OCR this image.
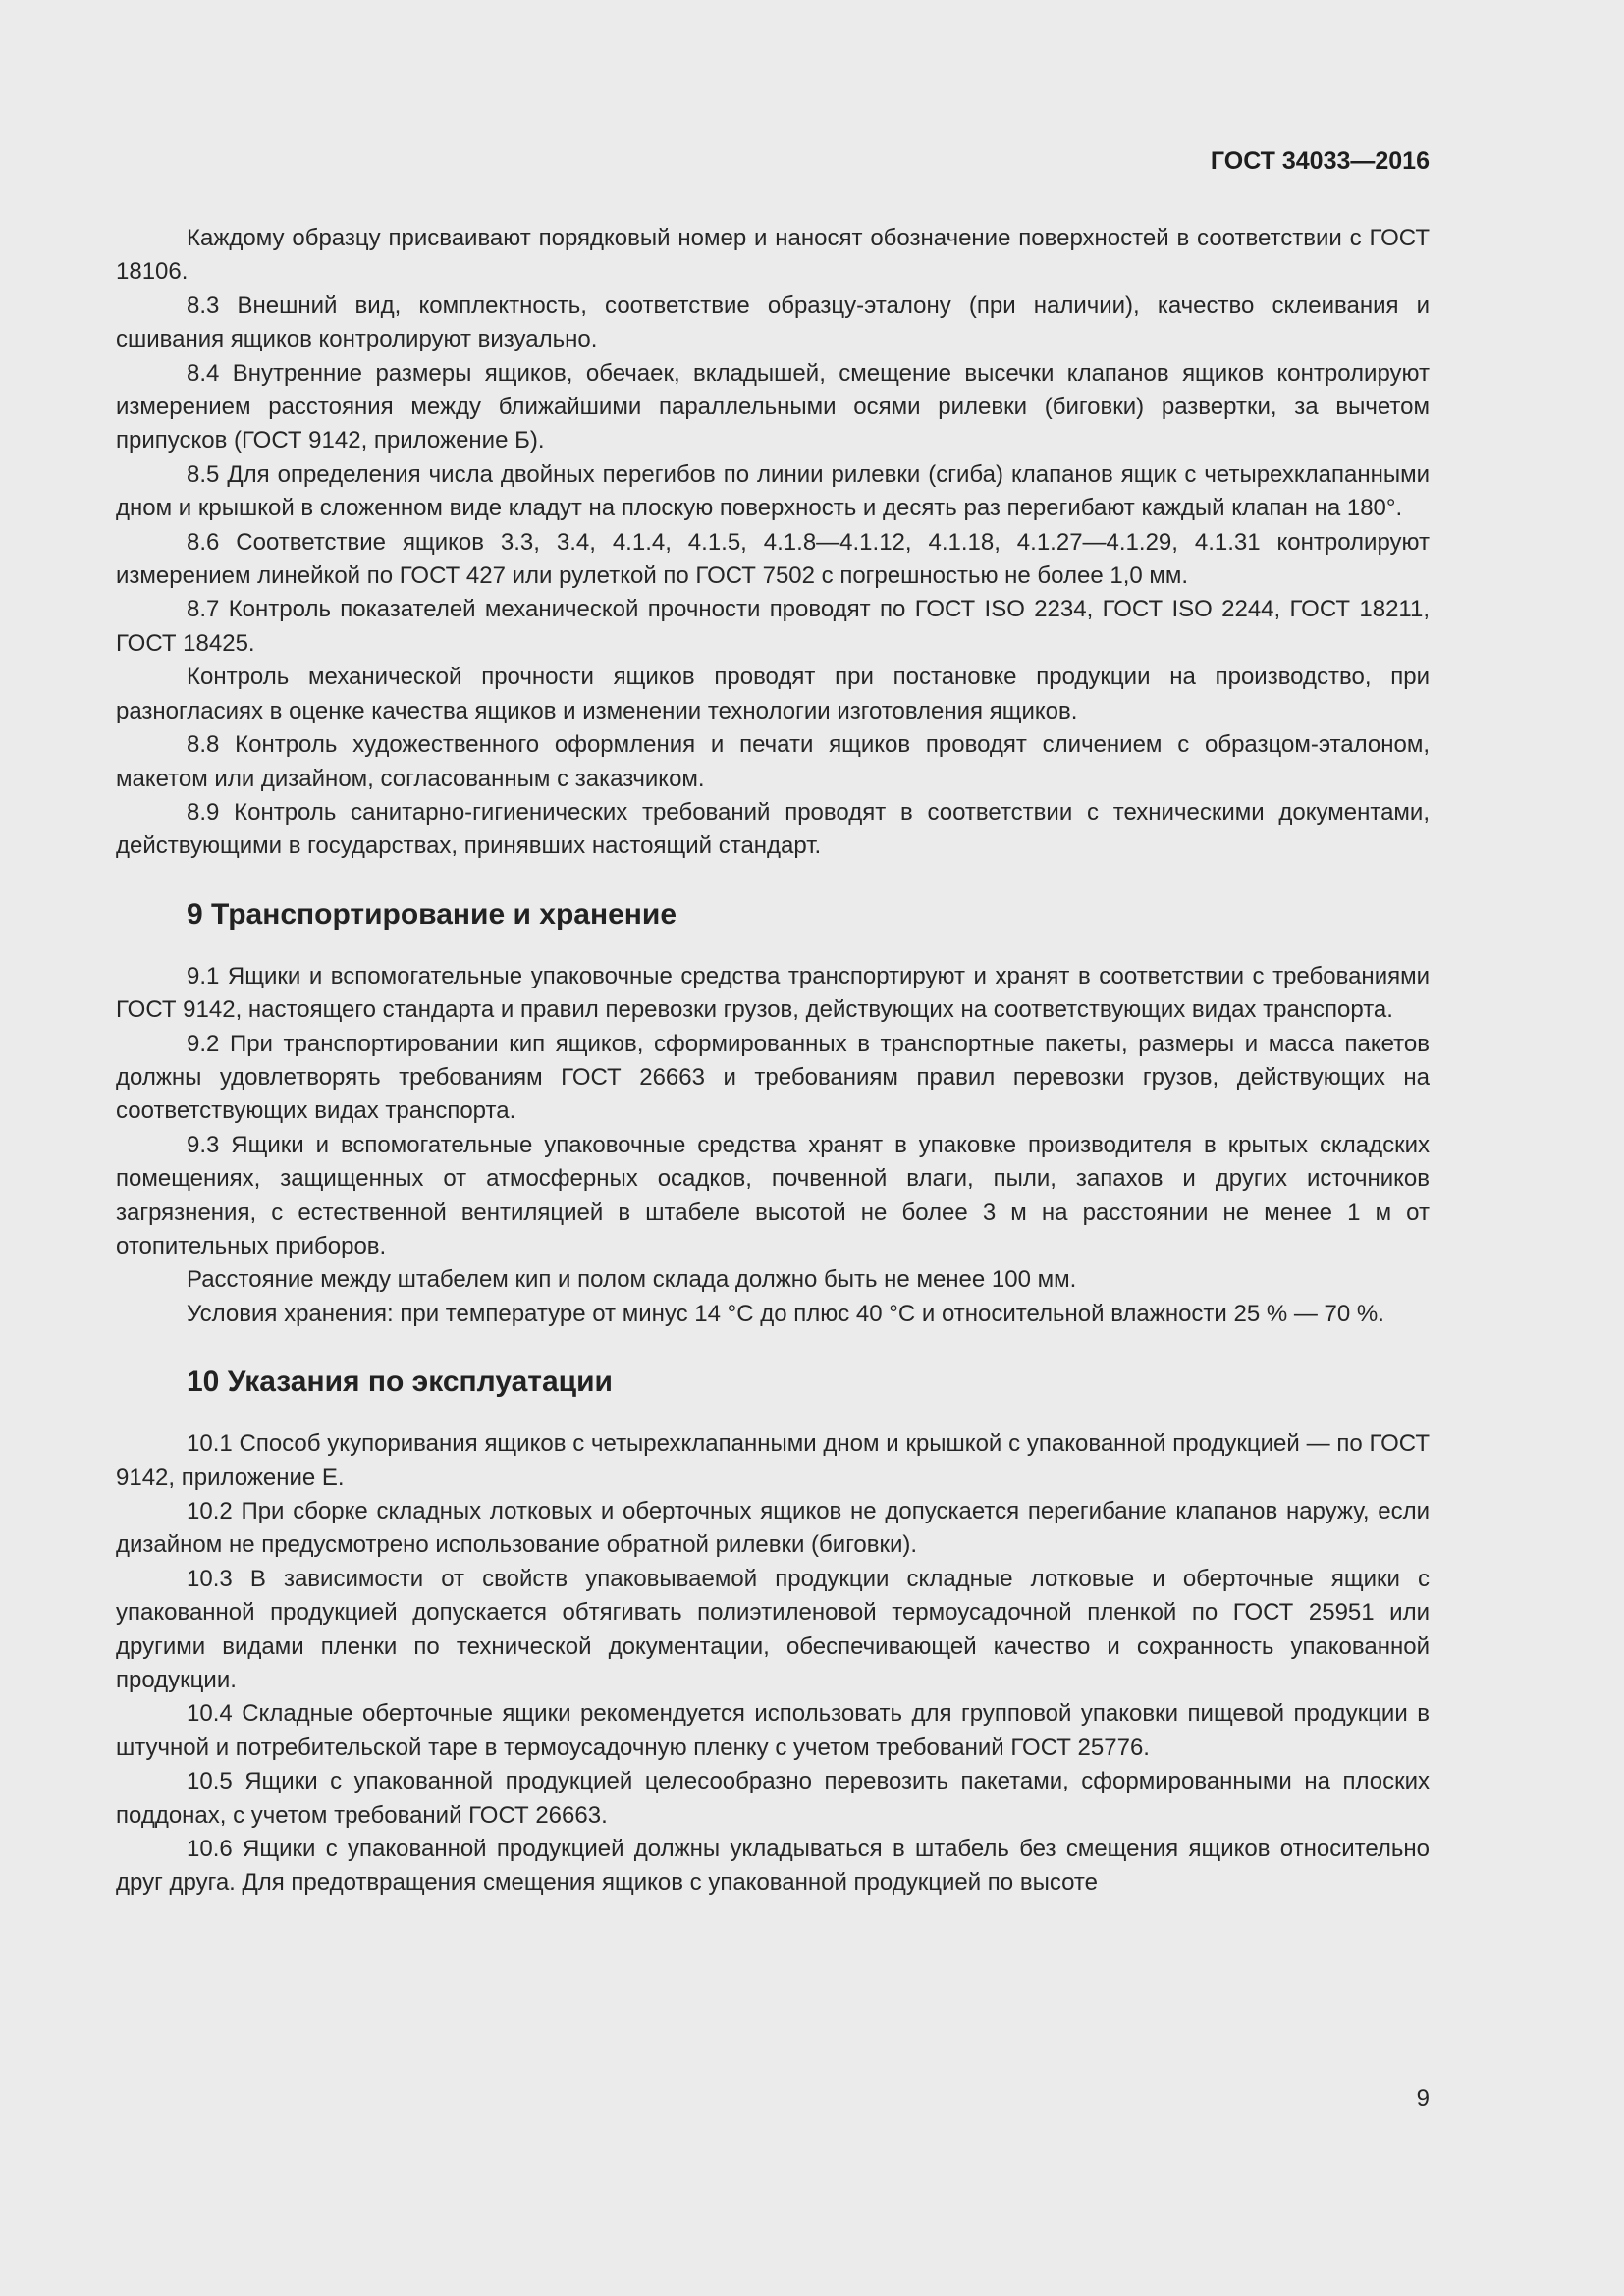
ГОСТ 34033—2016

Каждому образцу присваивают порядковый номер и наносят обозначение поверхностей в соответствии с ГОСТ 18106.

8.3 Внешний вид, комплектность, соответствие образцу-эталону (при наличии), качество склеивания и сшивания ящиков контролируют визуально.

8.4 Внутренние размеры ящиков, обечаек, вкладышей, смещение высечки клапанов ящиков контролируют измерением расстояния между ближайшими параллельными осями рилевки (биговки) развертки, за вычетом припусков (ГОСТ 9142, приложение Б).

8.5 Для определения числа двойных перегибов по линии рилевки (сгиба) клапанов ящик с четырехклапанными дном и крышкой в сложенном виде кладут на плоскую поверхность и десять раз перегибают каждый клапан на 180°.

8.6 Соответствие ящиков 3.3, 3.4, 4.1.4, 4.1.5, 4.1.8—4.1.12, 4.1.18, 4.1.27—4.1.29, 4.1.31 контролируют измерением линейкой по ГОСТ 427 или рулеткой по ГОСТ 7502 с погрешностью не более 1,0 мм.

8.7 Контроль показателей механической прочности проводят по ГОСТ ISO 2234, ГОСТ ISO 2244, ГОСТ 18211, ГОСТ 18425.

Контроль механической прочности ящиков проводят при постановке продукции на производство, при разногласиях в оценке качества ящиков и изменении технологии изготовления ящиков.

8.8 Контроль художественного оформления и печати ящиков проводят сличением с образцом-эталоном, макетом или дизайном, согласованным с заказчиком.

8.9 Контроль санитарно-гигиенических требований проводят в соответствии с техническими документами, действующими в государствах, принявших настоящий стандарт.

9 Транспортирование и хранение

9.1 Ящики и вспомогательные упаковочные средства транспортируют и хранят в соответствии с требованиями ГОСТ 9142, настоящего стандарта и правил перевозки грузов, действующих на соответствующих видах транспорта.

9.2 При транспортировании кип ящиков, сформированных в транспортные пакеты, размеры и масса пакетов должны удовлетворять требованиям ГОСТ 26663 и требованиям правил перевозки грузов, действующих на соответствующих видах транспорта.

9.3 Ящики и вспомогательные упаковочные средства хранят в упаковке производителя в крытых складских помещениях, защищенных от атмосферных осадков, почвенной влаги, пыли, запахов и других источников загрязнения, с естественной вентиляцией в штабеле высотой не более 3 м на расстоянии не менее 1 м от отопительных приборов.

Расстояние между штабелем кип и полом склада должно быть не менее 100 мм.

Условия хранения: при температуре от минус 14 °С до плюс 40 °С и относительной влажности 25 % — 70 %.

10 Указания по эксплуатации

10.1 Способ укупоривания ящиков с четырехклапанными дном и крышкой с упакованной продукцией — по ГОСТ 9142, приложение Е.

10.2 При сборке складных лотковых и оберточных ящиков не допускается перегибание клапанов наружу, если дизайном не предусмотрено использование обратной рилевки (биговки).

10.3 В зависимости от свойств упаковываемой продукции складные лотковые и оберточные ящики с упакованной продукцией допускается обтягивать полиэтиленовой термоусадочной пленкой по ГОСТ 25951 или другими видами пленки по технической документации, обеспечивающей качество и сохранность упакованной продукции.

10.4 Складные оберточные ящики рекомендуется использовать для групповой упаковки пищевой продукции в штучной и потребительской таре в термоусадочную пленку с учетом требований ГОСТ 25776.

10.5 Ящики с упакованной продукцией целесообразно перевозить пакетами, сформированными на плоских поддонах, с учетом требований ГОСТ 26663.

10.6 Ящики с упакованной продукцией должны укладываться в штабель без смещения ящиков относительно друг друга. Для предотвращения смещения ящиков с упакованной продукцией по высоте

9
